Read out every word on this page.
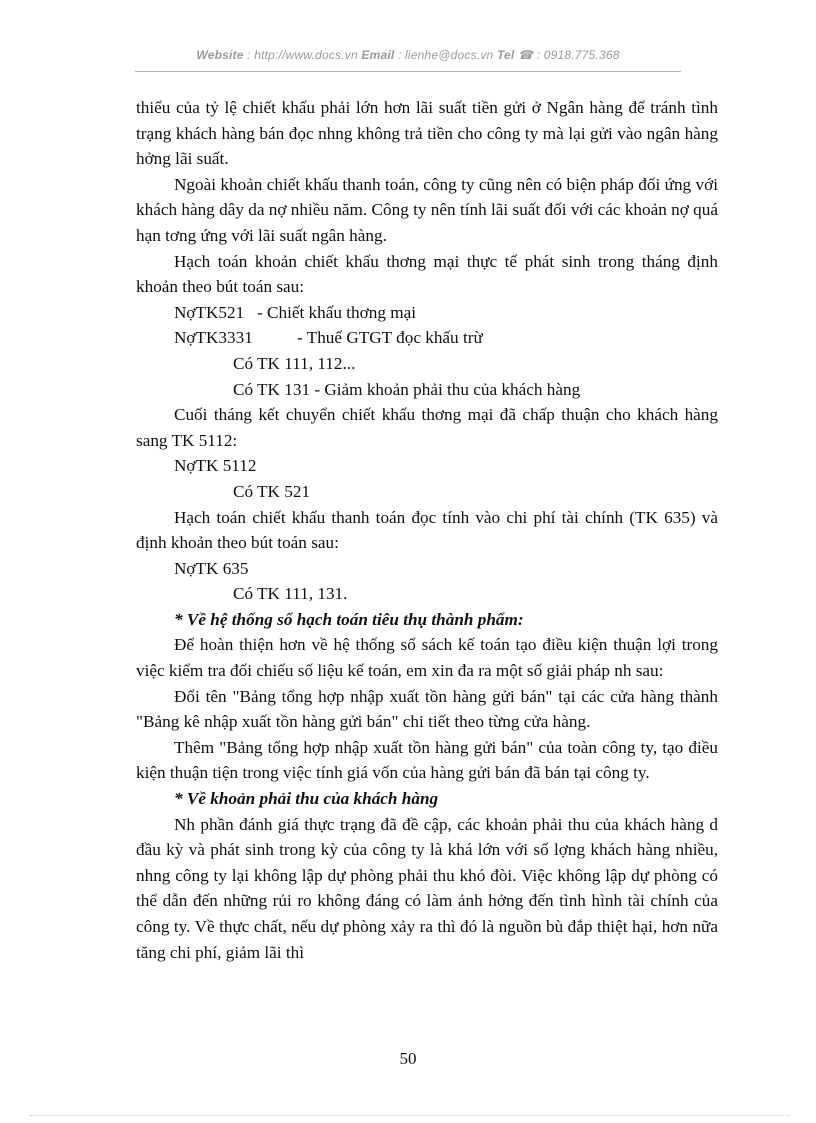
Website : http://www.docs.vn Email : lienhe@docs.vn Tel ☎ : 0918.775.368

thiểu của tỷ lệ chiết khấu phải lớn hơn lãi suất tiền gửi ở Ngân hàng để tránh tình trạng khách hàng bán đọc nhng không trả tiền cho công ty mà lại gửi vào ngân hàng hởng lãi suất.

Ngoài khoản chiết khấu thanh toán, công ty cũng nên có biện pháp đối ứng với khách hàng dây da nợ nhiều năm. Công ty nên tính lãi suất đối với các khoản nợ quá hạn tơng ứng với lãi suất ngân hàng.

Hạch toán khoản chiết khấu thơng mại thực tế phát sinh trong tháng định khoản theo bút toán sau:

NợTK521 - Chiết khấu thơng mại

NợTK3331	- Thuế GTGT đọc khấu trừ

Có TK 111, 112...

Có TK 131 - Giảm khoản phải thu của khách hàng

Cuối tháng kết chuyển chiết khấu thơng mại đã chấp thuận cho khách hàng sang TK 5112:

NợTK 5112

Có TK 521

Hạch toán chiết khấu thanh toán đọc tính vào chi phí tài chính (TK 635) và định khoản theo bút toán sau:

NợTK 635

Có TK 111, 131.

* Về hệ thống sổ hạch toán tiêu thụ thành phẩm:

Để hoàn thiện hơn về hệ thống sổ sách kế toán tạo điều kiện thuận lợi trong việc kiểm tra đối chiếu số liệu kế toán, em xin đa ra một số giải pháp nh sau:

Đổi tên "Bảng tổng hợp nhập xuất tồn hàng gửi bán" tại các cửa hàng thành "Bảng kê nhập xuất tồn hàng gửi bán" chi tiết theo từng cửa hàng.

Thêm "Bảng tổng hợp nhập xuất tồn hàng gửi bán" của toàn công ty, tạo điều kiện thuận tiện trong việc tính giá vốn của hàng gửi bán đã bán tại công ty.

* Về khoản phải thu của khách hàng

Nh phần đánh giá thực trạng đã đề cập, các khoản phải thu của khách hàng d đầu kỳ và phát sinh trong kỳ của công ty là khá lớn với số lợng khách hàng nhiều, nhng công ty lại không lập dự phòng phải thu khó đòi. Việc không lập dự phòng có thể dẫn đến những rủi ro không đáng có làm ảnh hởng đến tình hình tài chính của công ty. Về thực chất, nếu dự phòng xảy ra thì đó là nguồn bù đắp thiệt hại, hơn nữa tăng chi phí, giảm lãi thì

50
